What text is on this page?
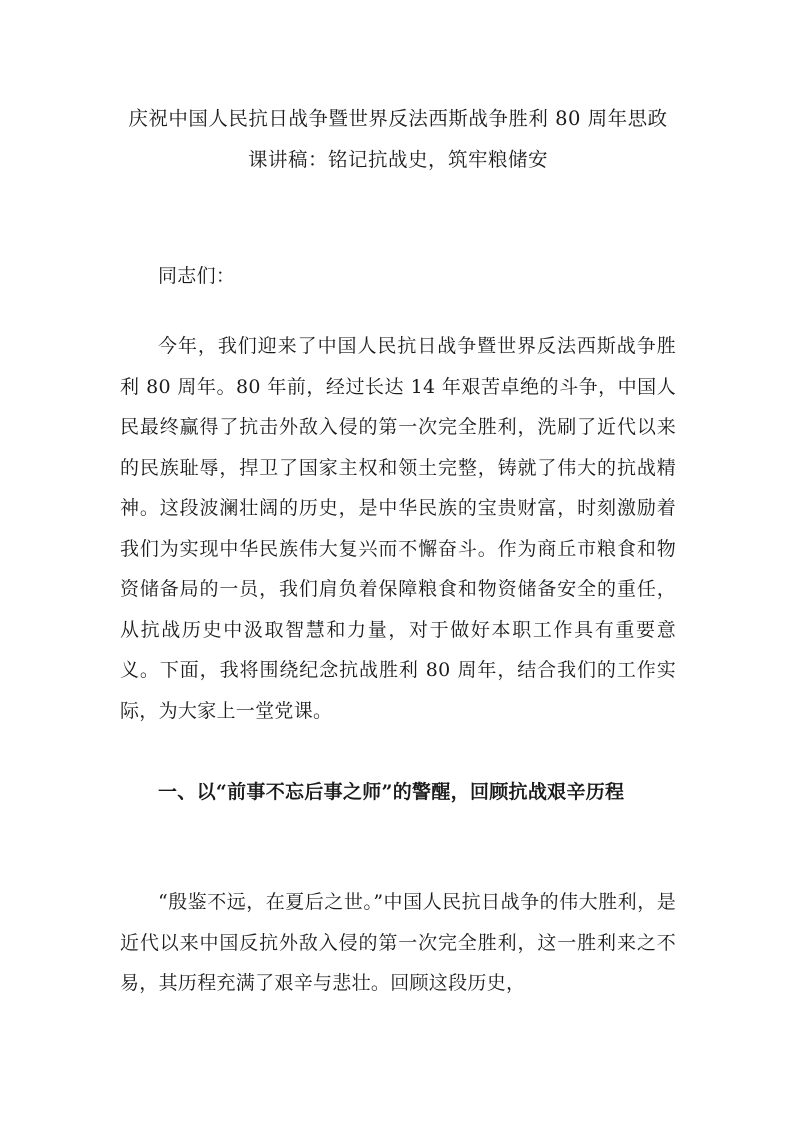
庆祝中国人民抗日战争暨世界反法西斯战争胜利 80 周年思政课讲稿：铭记抗战史，筑牢粮储安

同志们：

今年，我们迎来了中国人民抗日战争暨世界反法西斯战争胜利 80 周年。80 年前，经过长达 14 年艰苦卓绝的斗争，中国人民最终赢得了抗击外敌入侵的第一次完全胜利，洗刷了近代以来的民族耻辱，捍卫了国家主权和领土完整，铸就了伟大的抗战精神。这段波澜壮阔的历史，是中华民族的宝贵财富，时刻激励着我们为实现中华民族伟大复兴而不懈奋斗。作为商丘市粮食和物资储备局的一员，我们肩负着保障粮食和物资储备安全的重任，从抗战历史中汲取智慧和力量，对于做好本职工作具有重要意义。下面，我将围绕纪念抗战胜利 80 周年，结合我们的工作实际，为大家上一堂党课。

一、以“前事不忘后事之师”的警醒，回顾抗战艰辛历程

“殷鉴不远，在夏后之世。”中国人民抗日战争的伟大胜利，是近代以来中国反抗外敌入侵的第一次完全胜利，这一胜利来之不易，其历程充满了艰辛与悲壮。回顾这段历史，
